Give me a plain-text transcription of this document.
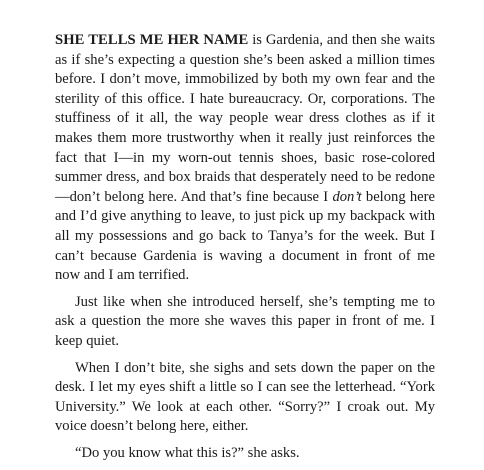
SHE TELLS ME HER NAME is Gardenia, and then she waits as if she’s expecting a question she’s been asked a million times before. I don’t move, immobilized by both my own fear and the sterility of this office. I hate bureaucracy. Or, corporations. The stuffiness of it all, the way people wear dress clothes as if it makes them more trustworthy when it really just reinforces the fact that I—in my worn-out tennis shoes, basic rose-colored summer dress, and box braids that desperately need to be redone—don’t belong here. And that’s fine because I don’t belong here and I’d give anything to leave, to just pick up my backpack with all my possessions and go back to Tanya’s for the week. But I can’t because Gardenia is waving a document in front of me now and I am terrified.

Just like when she introduced herself, she’s tempting me to ask a question the more she waves this paper in front of me. I keep quiet.

When I don’t bite, she sighs and sets down the paper on the desk. I let my eyes shift a little so I can see the letterhead. “York University.” We look at each other. “Sorry?” I croak out. My voice doesn’t belong here, either.

“Do you know what this is?” she asks.
